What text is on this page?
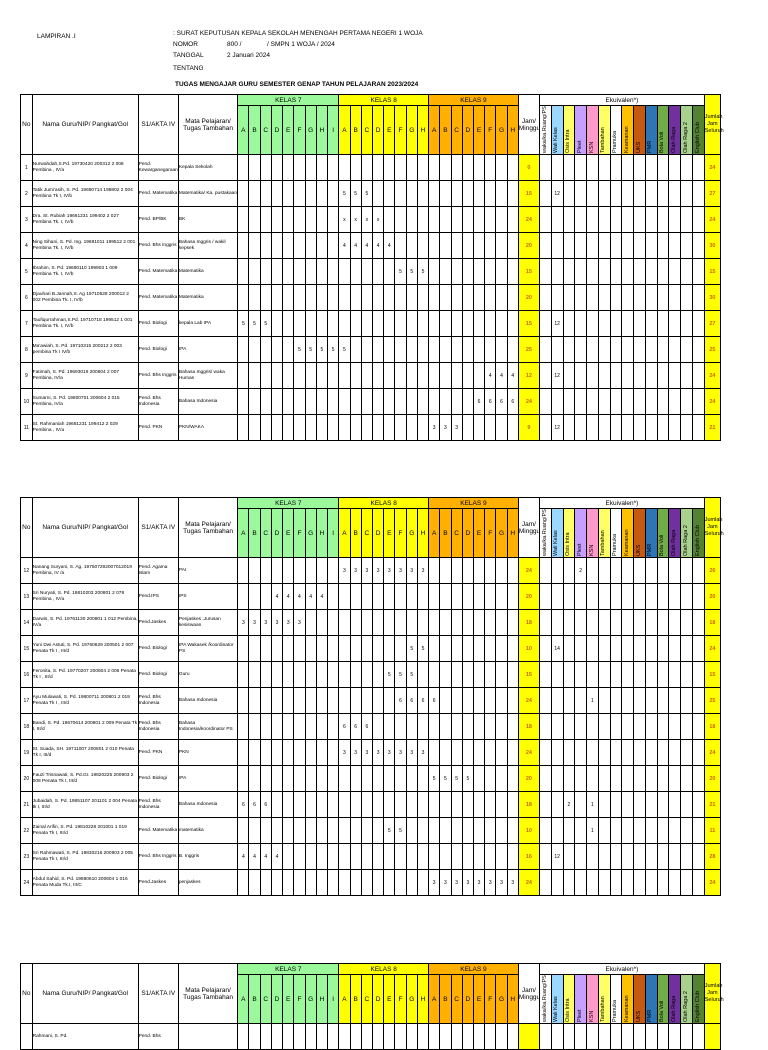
LAMPIRAN .I	: SURAT KEPUTUSAN KEPALA SEKOLAH MENENGAH PERTAMA NEGERI 1 WOJA
NOMOR	800 /	/ SMPN 1 WOJA / 2024
TANGGAL	2 Januari 2024
TENTANG
TUGAS MENGAJAR GURU SEMESTER GENAP TAHUN PELAJARAN 2023/2024
No	Nama Guru/NIP/ Pangkat/Gol	S1/AKTA IV	Mata Pelajaran/ Tugas Tambahan	KELAS 7									KELAS 8								KELAS 9								Jam/ Minggu	Ekuivalen*)														Jumlah Jam Seluruh
				A	B	C	D	E	F	G	H	I	A	B	C	D	E	F	G	H	A	B	C	D	E	F	G	H		waka/ka.Ruang/PS	Wali Kelas	Osis Intra	Pleet	KSN	Tambahan	Pramuka	Keamanan	UKS	PMR	Bola Voli	Olah Raga	Olah Raga 2	English Club	

1	Nurwahdah,S.Pd. 19730420 200312 2 008 Pembina , IV/a	Pend. Kewarganegaraan	Kepala Sekolah																										0															24
2	Tatik Jumi'asih, S. Pd. 19690714 199802 2 004 Pembina Tk I, IV/b	Pend. Matematika	Matematika/ Ka. pustakaan										5	5	5														15		12													27
3	Dra. St. Rubiah 19661231 199402 2 027 Pembina Tk. I, IV/b	Pend. BP/BK	BK										x	x	x	x													24															24
4	Ning Sihani, S. Pd. Ing. 19691011 199512 2 001 Pembina Tk. I, IV/b	Pend. Bhs Inggris	Bahasa Inggris / wakil kepsek										4	4	4	4	4												20															30
5	Ibrahim, S. Pd. 19690110 199903 1 009 Pembina Tk. I, IV/b	Pend. Matematika	Matematika															5	5	5									15															15
6	Djauhari B.Jannah,S. Ag 19710528 200012 2 002 Pembina Tk. I, IV/b	Pend. Matematika	Matematika																										20															30
7	Taufiqurrahman,S.Pd. 19710718 199512 1 001 Pembina Tk. I, IV/b	Pend. Biologi	kepala Lab IPA	5	5	5																							15		12													27
8	Ma'awiah, S. Pd. 19710315 200212 2 003 pembina Tk I IV/b	Pend. Biologi	IPA						5	5	5	5	5																25															25
9	Fatimah, S. Pd. 19693019 200604 2 007 Pembina, IV/a	Pend. Bhs Inggris	Bahasa Inggris/ waka Humas																							4	4	4	12		12													24
10	Sumarni, S. Pd. 19800701 200604 2 015 Pembina, IV/a	Pend. Bhs Indonesia	Bahasa Indonesia																						6	6	6	6	24															24
11	St. Rahmaniah 19681231 199412 2 029 Pembina , IV/a	Pend. PKN	PKN/WAKA																		3	3	3						9		12													21
No	Nama Guru/NIP/ Pangkat/Gol	S1/AKTA IV	Mata Pelajaran/ Tugas Tambahan	KELAS 7									KELAS 8								KELAS 9								Jam/ Minggu	Ekuivalen*)														Jumlah Jam Seluruh
				A	B	C	D	E	F	G	H	I	A	B	C	D	E	F	G	H	A	B	C	D	E	F	G	H		waka/ka.Ruang/PS	Wali Kelas	Osis Intra	Pleet	KSN	Tambahan	Pramuka	Keamanan	UKS	PMR	Bola Voli	Olah Raga	Olah Raga 2	English Club	

12	Nanang Suryani, S. Ag. 197507292007012019 Pembina, IV /a	Pend. Agama Islam	PAI										3	3	3	3	3	3	3	3									24				2											26
13	Sri Nuryati, S. Pd. 19810203 200801 2 078 Pembina , IV/a	Pend.IPS	IPS				4	4	4	4	4																		20															20
14	Darwis, S. Pd. 19761130 200801 1 012 Pembina, IV/a	Pend.Jaskes	Penjaskes ,Jurusan kesiswaan	3	3	3	3	3	3																				18															18
15	Yuni Dwi Astuti, S. Pd. 19760629 200501 2 007 Penata Tk I , III/d	Pend. Biologi	IPA Wakasek /koordinator PS																5	5									10		14													24
16	Feronita, S. Pd. 19770207 200604 2 006 Penata Tk I , III/d	Pend. Biologi	Guru														5	5	5										15															15
17	Ayu Mulawati, S. Pd. 19800711 200801 2 019 Penata Tk I , III/d	Pend. Bhs Indonesia	Bahasa Indonesia															6	6	6	6								24					1										25
18	Bandi, S. Pd. 19670614 200801 2 009 Penata Tk I, III/d	Pend. Bhs Indonesia	Bahasa Indonesia/koordinator PS										6	6	6														18															18
19	St. Suada, SH. 19711007 200801 2 010 Penata Tk I, III/d	Pend. PKN	PKN										3	3	3	3	3	3	3	3									24															24
20	Fauzi Trisnawati, S. Pd.Gr. 19820225 200903 2 008 Penata Tk I, III/d	Pend. Biologi	IPA																		5	5	5	5					20															20
21	Jubaidah, S. Pd. 19851107 201101 2 004 Penata tk I, III/d	Pend. Bhs Indonesia	Bahasa Indonesia	6	6	6																							18			2		1										21
22	Zainal Arifin, S. Pd. 19810228 201001 1 019 Penata Tk I, III/d	Pend. Matematika	matematika														5	5											10					1										11
23	Sri Rahmawati, S. Pd. 19830216 200903 2 005 Penata Tk I, III/d	Pend. Bhs Inggris	B. Inggris	4	4	4	4																						16		12													28
24	Abdul Sahid, S. Pd. 19880610 200604 1 016 Penata Muda Tk.I, III/C	Pend.Jaskes	penjaskes																		3	3	3	3	3	3	3	3	24															24
No	Nama Guru/NIP/ Pangkat/Gol	S1/AKTA IV	Mata Pelajaran/ Tugas Tambahan	KELAS 7									KELAS 8								KELAS 9								Jam/ Minggu	Ekuivalen*)														Jumlah Jam Seluruh
				A	B	C	D	E	F	G	H	I	A	B	C	D	E	F	G	H	A	B	C	D	E	F	G	H		waka/ka.Ruang/PS	Wali Kelas	Osis Intra	Pleet	KSN	Tambahan	Pramuka	Keamanan	UKS	PMR	Bola Voli	Olah Raga	Olah Raga 2	English Club	

	Rahmani, S. Pd.	Pend. Bhs																																										
